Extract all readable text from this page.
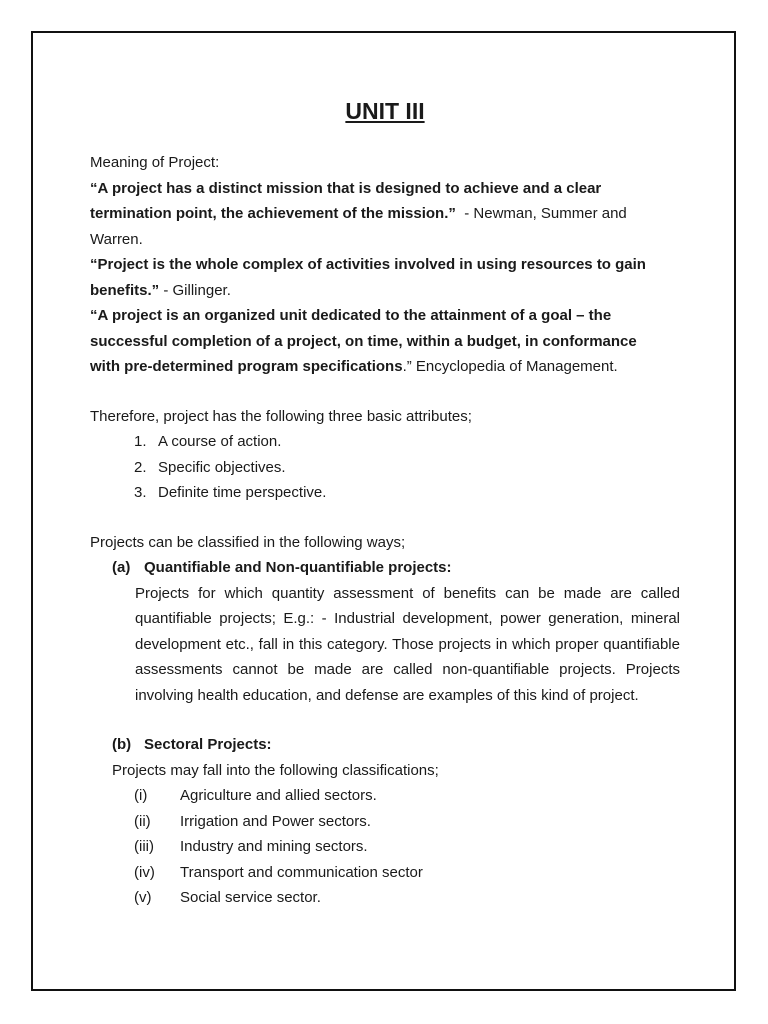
UNIT III
Meaning of Project:
“A project has a distinct mission that is designed to achieve and a clear
termination point, the achievement of the mission.”  - Newman, Summer and
Warren.
“Project is the whole complex of activities involved in using resources to gain
benefits.” - Gillinger.
“A project is an organized unit dedicated to the attainment of a goal – the
successful completion of a project, on time, within a budget, in conformance
with pre-determined program specifications.” Encyclopedia of Management.
Therefore, project has the following three basic attributes;
1. A course of action.
2. Specific objectives.
3. Definite time perspective.
Projects can be classified in the following ways;
(a) Quantifiable and Non-quantifiable projects:
Projects for which quantity assessment of benefits can be made are called quantifiable projects; E.g.: - Industrial development, power generation, mineral development etc., fall in this category. Those projects in which proper quantifiable assessments cannot be made are called non-quantifiable projects. Projects involving health education, and defense are examples of this kind of project.
(b) Sectoral Projects:
Projects may fall into the following classifications;
(i) Agriculture and allied sectors.
(ii) Irrigation and Power sectors.
(iii) Industry and mining sectors.
(iv) Transport and communication sector
(v) Social service sector.
